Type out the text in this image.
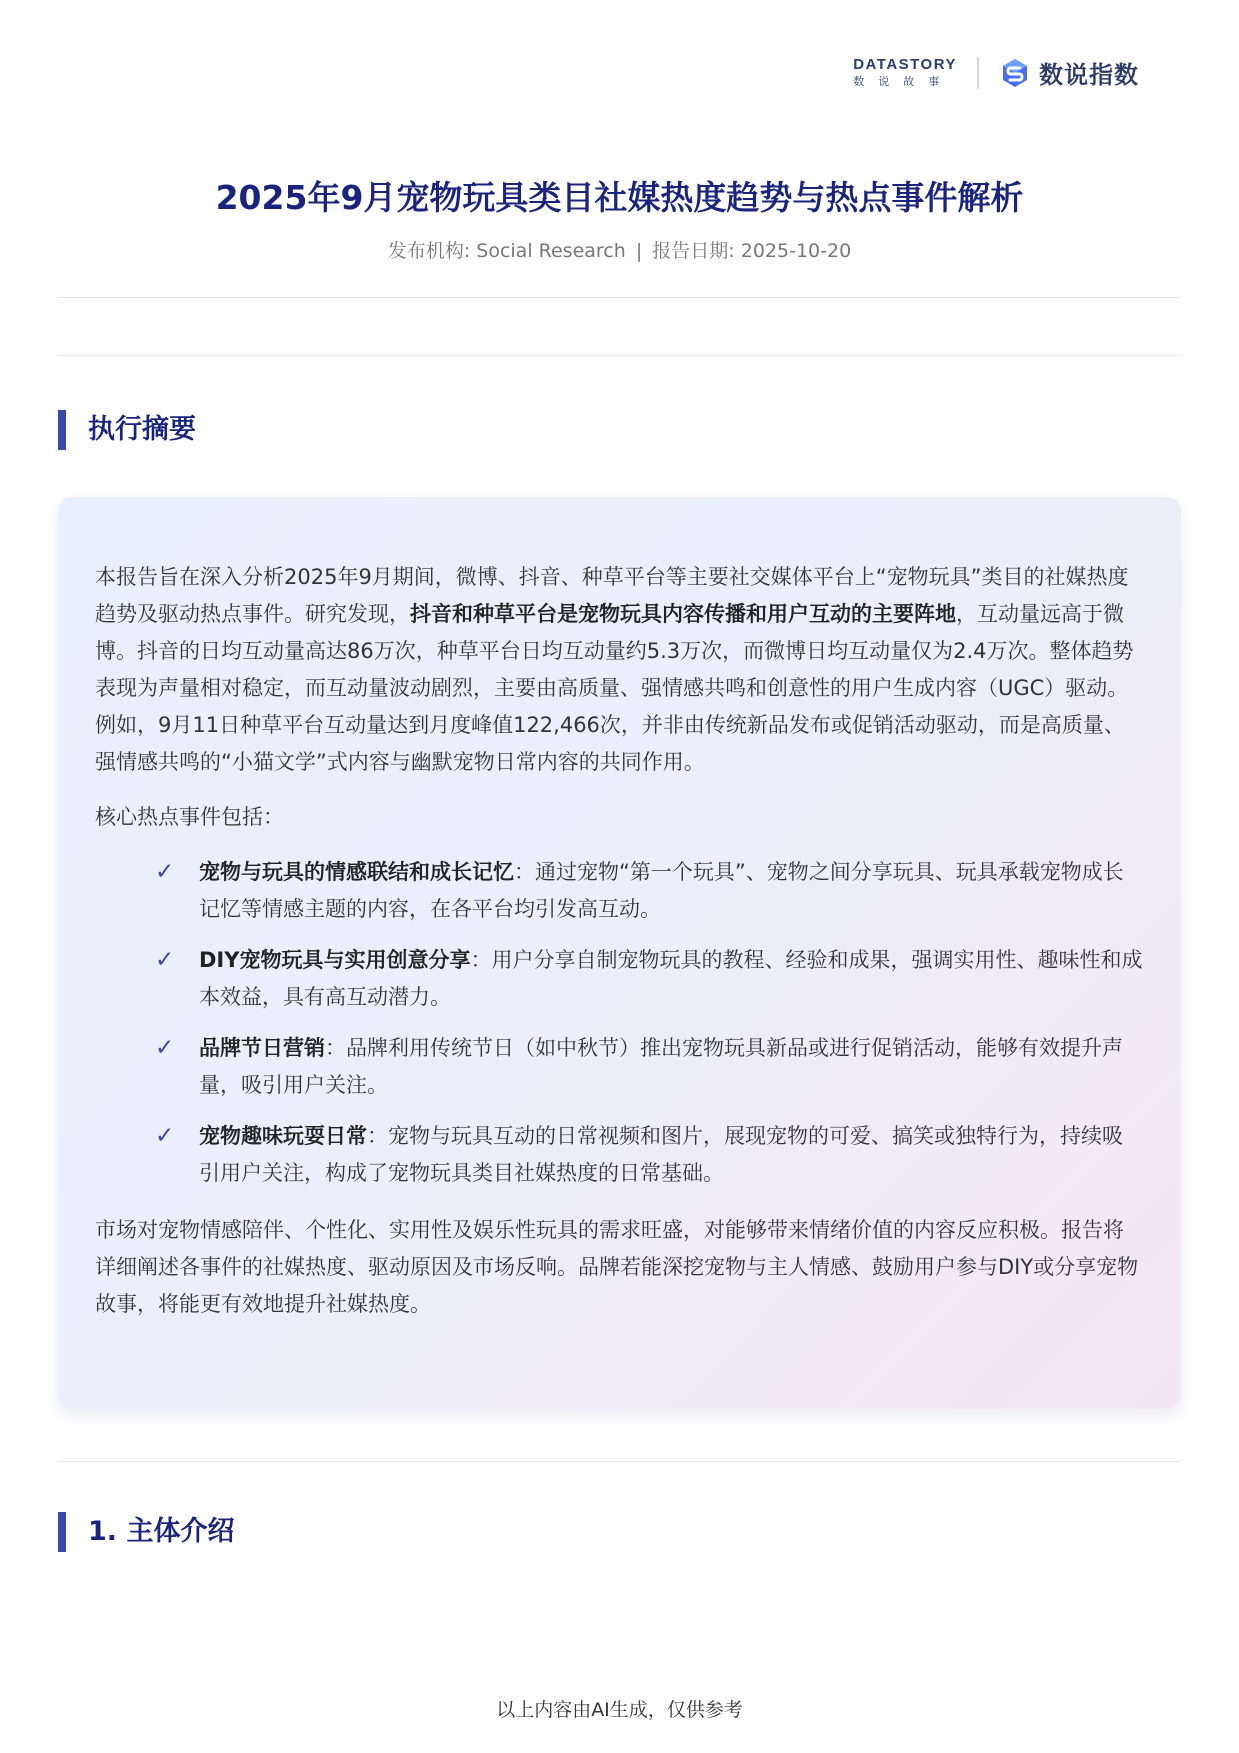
DATASTORY
数说故事	数说指数
2025年9月宠物玩具类目社媒热度趋势与热点事件解析
发布机构: Social Research | 报告日期: 2025-10-20
执行摘要

本报告旨在深入分析2025年9月期间，微博、抖音、种草平台等主要社交媒体平台上“宠物玩具”类目的社媒热度趋势及驱动热点事件。研究发现，抖音和种草平台是宠物玩具内容传播和用户互动的主要阵地，互动量远高于微博。抖音的日均互动量高达86万次，种草平台日均互动量约5.3万次，而微博日均互动量仅为2.4万次。整体趋势表现为声量相对稳定，而互动量波动剧烈，主要由高质量、强情感共鸣和创意性的用户生成内容（UGC）驱动。例如，9月11日种草平台互动量达到月度峰值122,466次，并非由传统新品发布或促销活动驱动，而是高质量、强情感共鸣的“小猫文学”式内容与幽默宠物日常内容的共同作用。

核心热点事件包括：

✓ 宠物与玩具的情感联结和成长记忆：通过宠物“第一个玩具”、宠物之间分享玩具、玩具承载宠物成长记忆等情感主题的内容，在各平台均引发高互动。
✓ DIY宠物玩具与实用创意分享：用户分享自制宠物玩具的教程、经验和成果，强调实用性、趣味性和成本效益，具有高互动潜力。
✓ 品牌节日营销：品牌利用传统节日（如中秋节）推出宠物玩具新品或进行促销活动，能够有效提升声量，吸引用户关注。
✓ 宠物趣味玩耍日常：宠物与玩具互动的日常视频和图片，展现宠物的可爱、搞笑或独特行为，持续吸引用户关注，构成了宠物玩具类目社媒热度的日常基础。

市场对宠物情感陪伴、个性化、实用性及娱乐性玩具的需求旺盛，对能够带来情绪价值的内容反应积极。报告将详细阐述各事件的社媒热度、驱动原因及市场反响。品牌若能深挖宠物与主人情感、鼓励用户参与DIY或分享宠物故事，将能更有效地提升社媒热度。

1. 主体介绍
以上内容由AI生成，仅供参考
